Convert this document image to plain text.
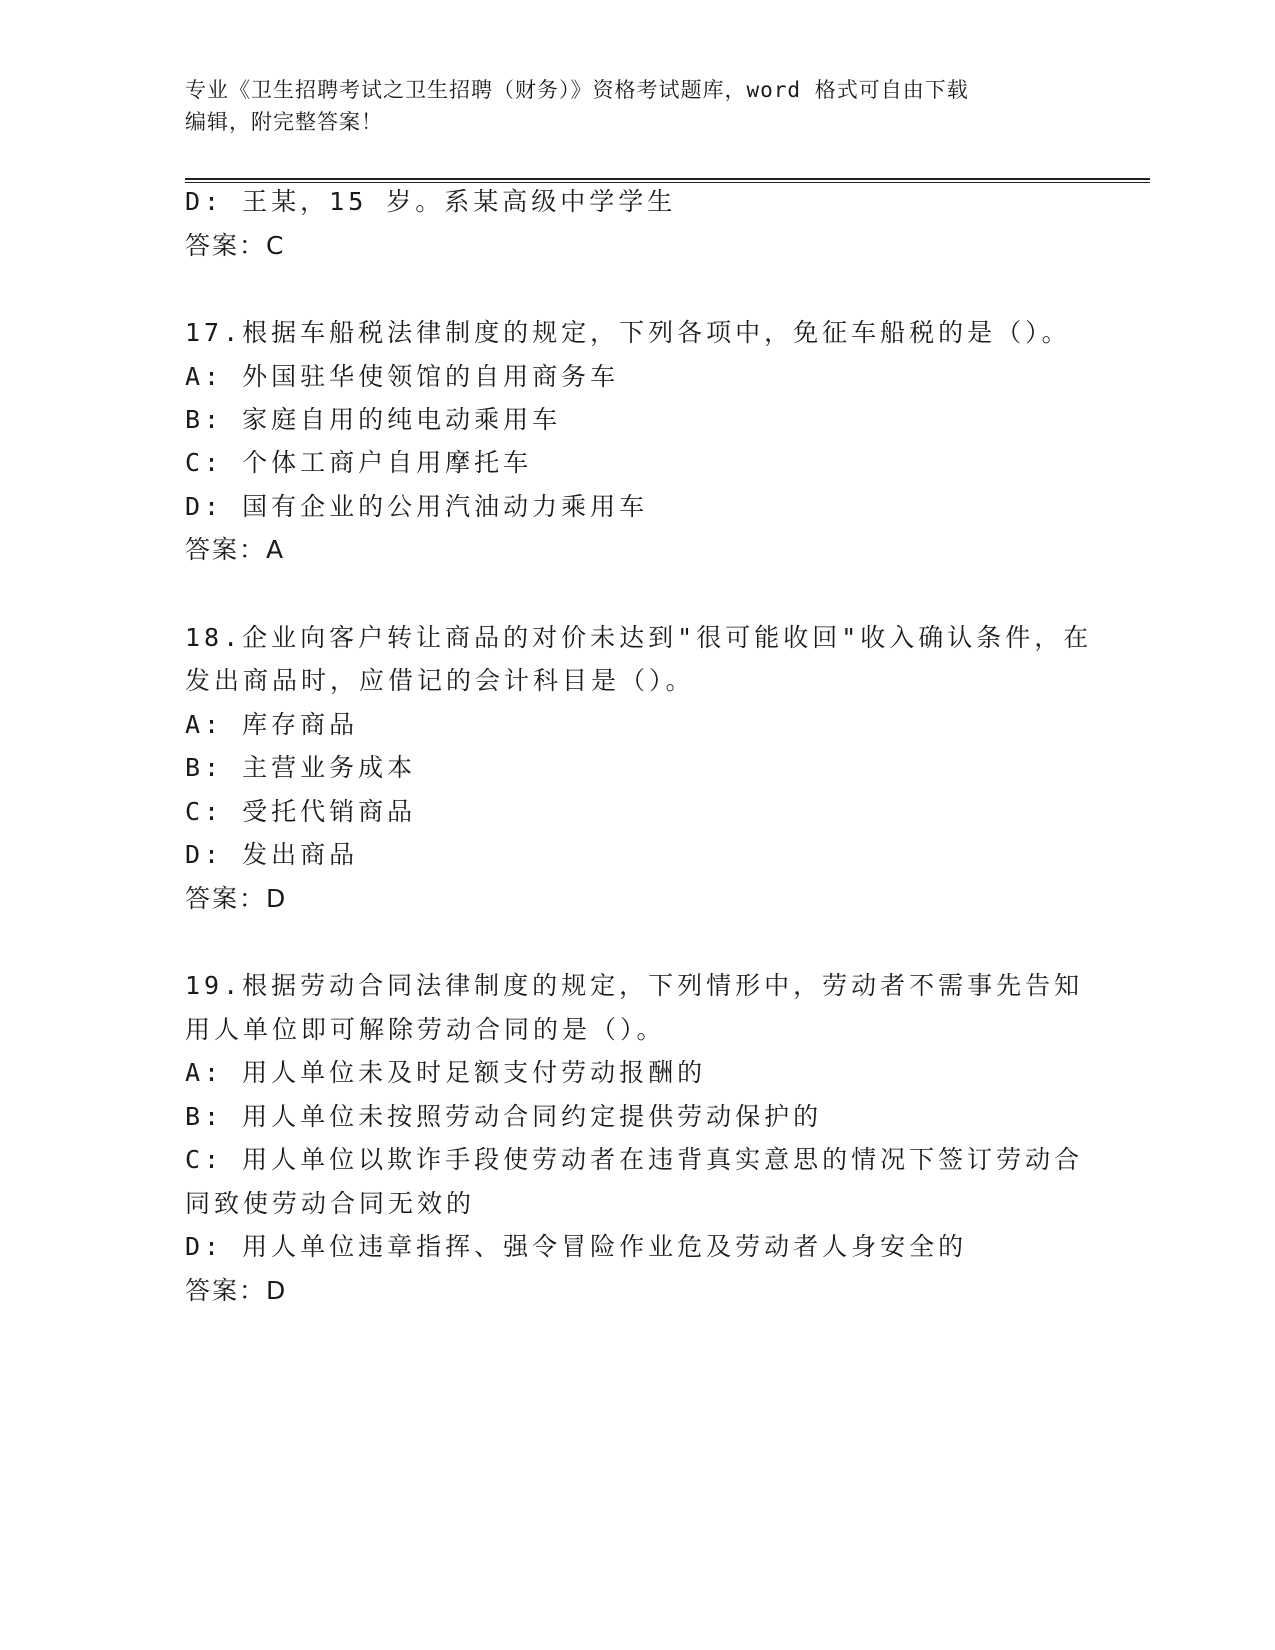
专业《卫生招聘考试之卫生招聘（财务）》资格考试题库，word 格式可自由下载
编辑，附完整答案！
D: 王某，15 岁。系某高级中学学生
答案：C
17.根据车船税法律制度的规定，下列各项中，免征车船税的是（）。
A: 外国驻华使领馆的自用商务车
B: 家庭自用的纯电动乘用车
C: 个体工商户自用摩托车
D: 国有企业的公用汽油动力乘用车
答案：A
18.企业向客户转让商品的对价未达到"很可能收回"收入确认条件，在
发出商品时，应借记的会计科目是（）。
A: 库存商品
B: 主营业务成本
C: 受托代销商品
D: 发出商品
答案：D
19.根据劳动合同法律制度的规定，下列情形中，劳动者不需事先告知
用人单位即可解除劳动合同的是（）。
A: 用人单位未及时足额支付劳动报酬的
B: 用人单位未按照劳动合同约定提供劳动保护的
C: 用人单位以欺诈手段使劳动者在违背真实意思的情况下签订劳动合
同致使劳动合同无效的
D: 用人单位违章指挥、强令冒险作业危及劳动者人身安全的
答案：D
